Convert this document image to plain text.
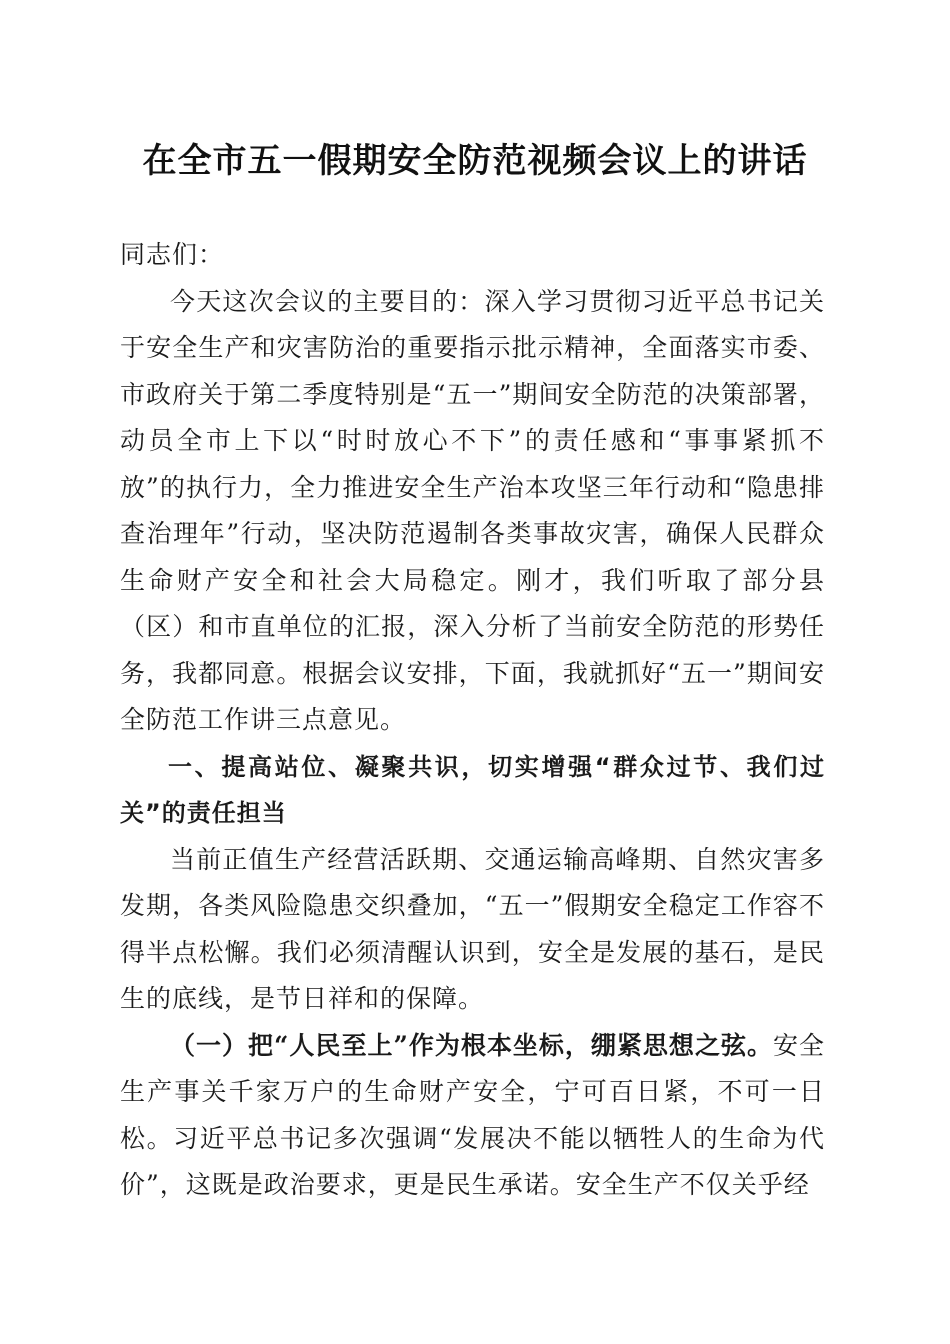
在全市五一假期安全防范视频会议上的讲话

同志们：

今天这次会议的主要目的：深入学习贯彻习近平总书记关于安全生产和灾害防治的重要指示批示精神，全面落实市委、市政府关于第二季度特别是“五一”期间安全防范的决策部署，动员全市上下以“时时放心不下”的责任感和“事事紧抓不放”的执行力，全力推进安全生产治本攻坚三年行动和“隐患排查治理年”行动，坚决防范遏制各类事故灾害，确保人民群众生命财产安全和社会大局稳定。刚才，我们听取了部分县（区）和市直单位的汇报，深入分析了当前安全防范的形势任务，我都同意。根据会议安排，下面，我就抓好“五一”期间安全防范工作讲三点意见。

一、提高站位、凝聚共识，切实增强“群众过节、我们过关”的责任担当

当前正值生产经营活跃期、交通运输高峰期、自然灾害多发期，各类风险隐患交织叠加，“五一”假期安全稳定工作容不得半点松懈。我们必须清醒认识到，安全是发展的基石，是民生的底线，是节日祥和的保障。

（一）把“人民至上”作为根本坐标，绷紧思想之弦。安全生产事关千家万户的生命财产安全，宁可百日紧，不可一日松。习近平总书记多次强调“发展决不能以牺牲人的生命为代价”，这既是政治要求，更是民生承诺。安全生产不仅关乎经
